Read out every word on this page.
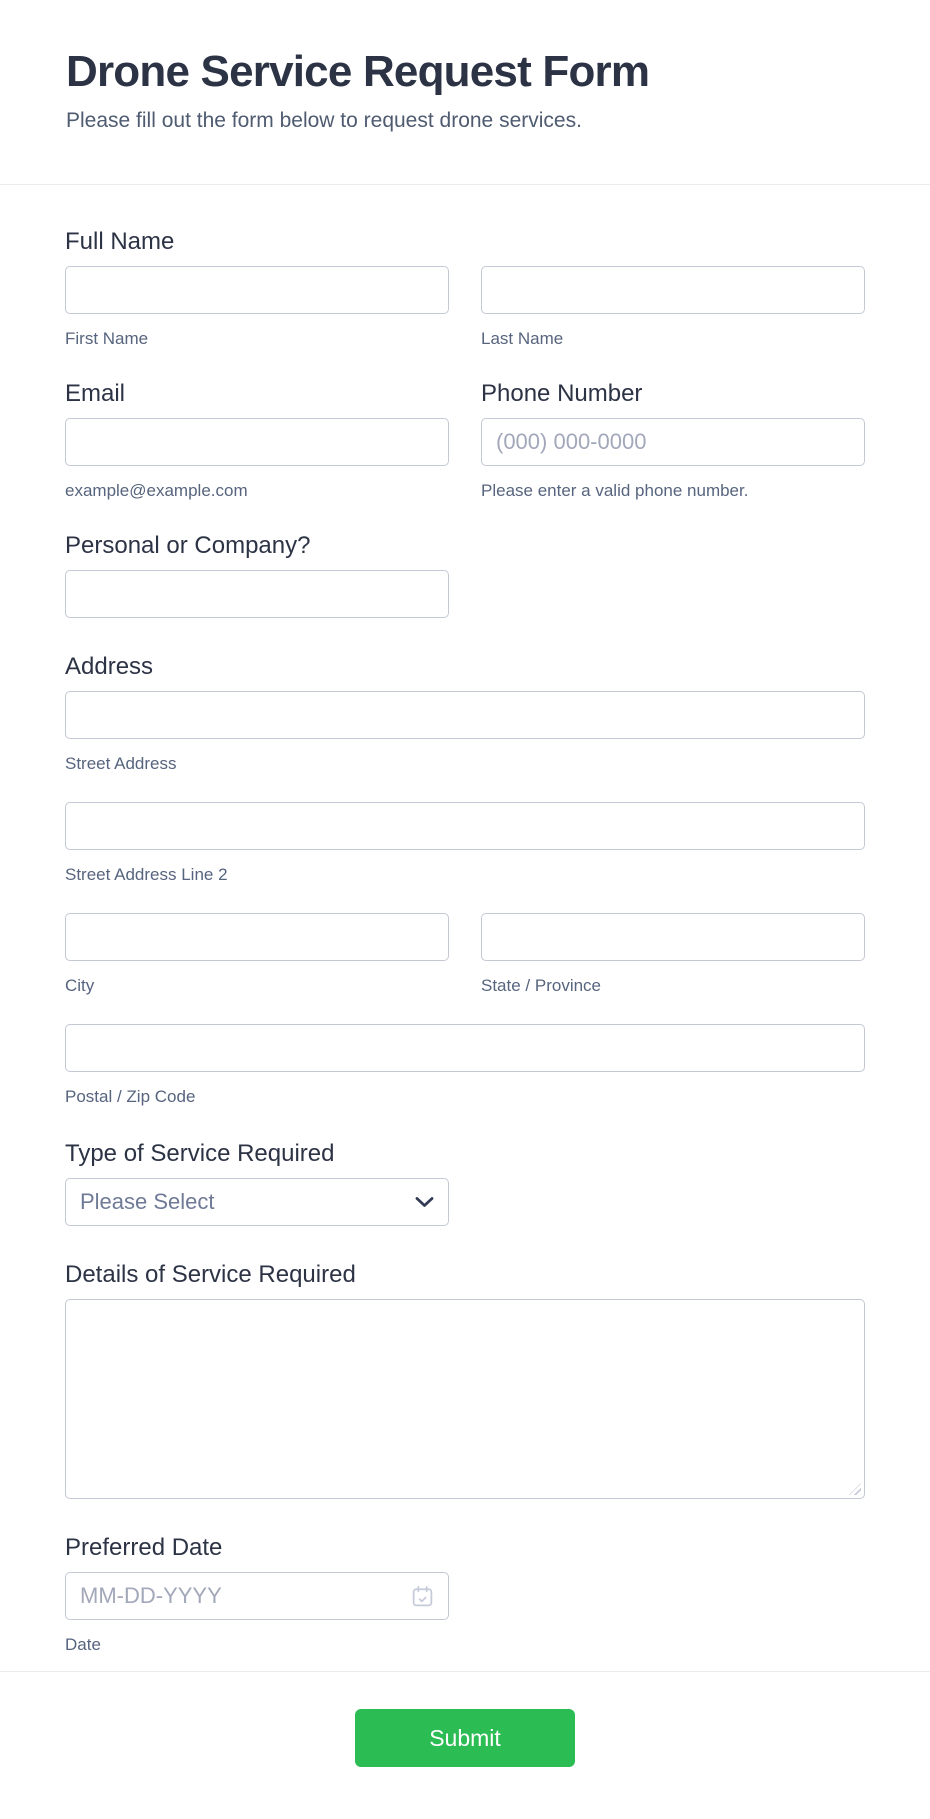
Drone Service Request Form
Please fill out the form below to request drone services.
Full Name
First Name	Last Name
Email
example@example.com
Phone Number
(000) 000-0000
Please enter a valid phone number.
Personal or Company?
Address
Street Address
Street Address Line 2
City	State / Province
Postal / Zip Code
Type of Service Required
Please Select
Details of Service Required
Preferred Date
MM-DD-YYYY
Date
Submit
